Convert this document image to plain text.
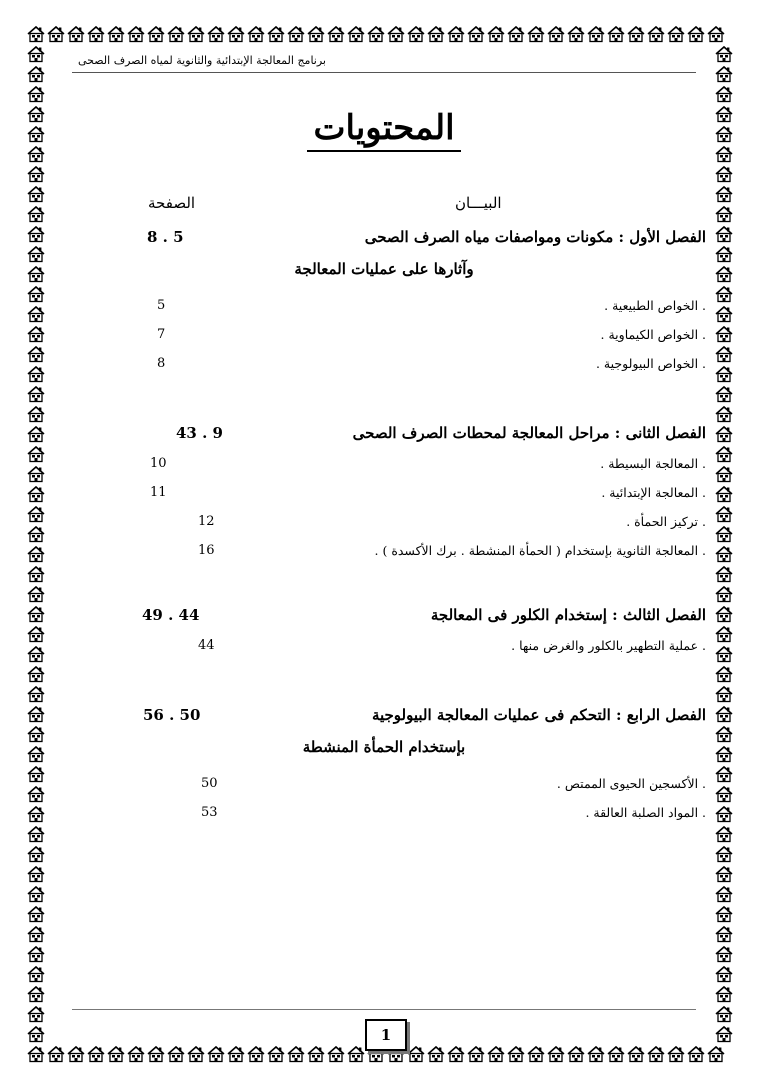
برنامج المعالجة الإبتدائية والثانوية لمياه الصرف الصحى
المحتويات
البيـــان
الصفحة
الفصل الأول : مكونات ومواصفات مياه الصرف الصحى
8 . 5
وآثارها على عمليات المعالجة
. الخواص الطبيعية .
5
. الخواص الكيماوية .
7
. الخواص البيولوجية .
8
الفصل الثانى : مراحل المعالجة لمحطات الصرف الصحى
43 . 9
. المعالجة البسيطة .
10
. المعالجة الإبتدائية .
11
. تركيز الحمأة .
12
. المعالجة الثانوية بإستخدام ( الحمأة المنشطة . برك الأكسدة ) .
16
الفصل الثالث : إستخدام الكلور فى المعالجة
49 . 44
. عملية التطهير بالكلور والغرض منها .
44
الفصل الرابع : التحكم فى عمليات المعالجة البيولوجية
56 . 50
بإستخدام الحمأة المنشطة
. الأكسجين الحيوى الممتص .
50
. المواد الصلبة العالقة .
53
1
